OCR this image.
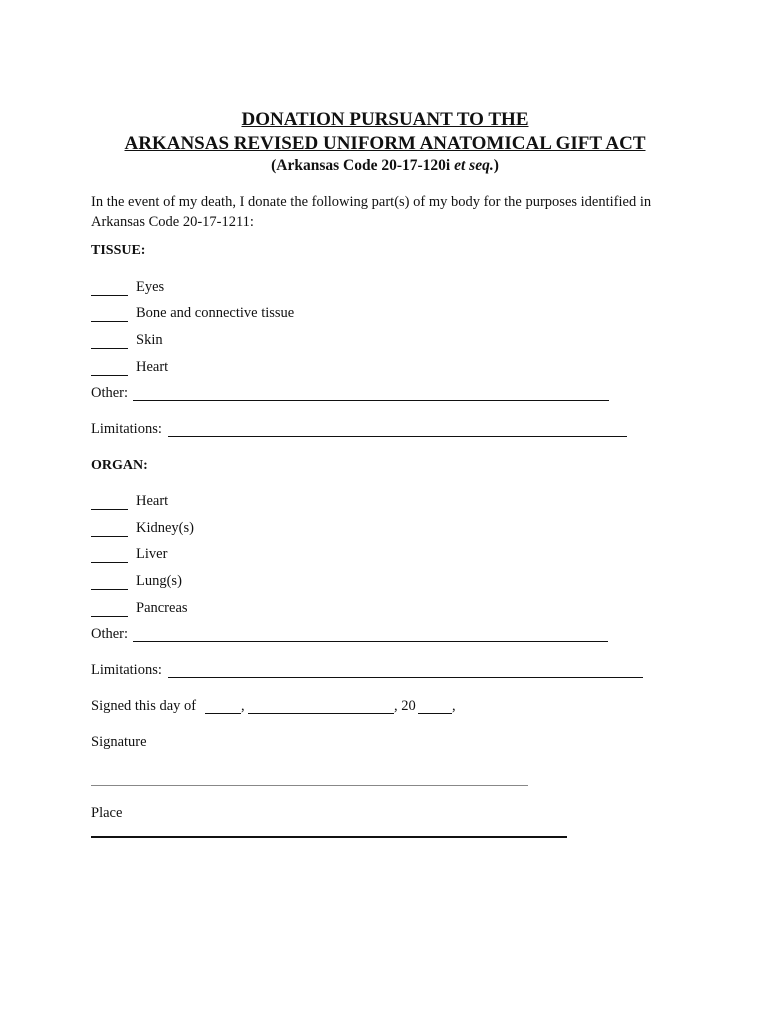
DONATION PURSUANT TO THE
ARKANSAS REVISED UNIFORM ANATOMICAL GIFT ACT
(Arkansas Code 20-17-120i et seq.)
In the event of my death, I donate the following part(s) of my body for the purposes identified in Arkansas Code 20-17-1211:
TISSUE:
Eyes
Bone and connective tissue
Skin
Heart
Other:
Limitations:
ORGAN:
Heart
Kidney(s)
Liver
Lung(s)
Pancreas
Other:
Limitations:
Signed this day of	,	, 20	,
Signature
Place
